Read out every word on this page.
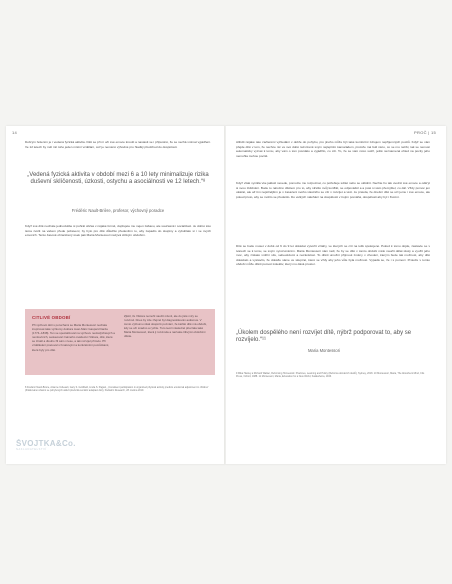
14
Dobrým řešením je i vedená fyzická aktivita. Děti se při ní učí své emoce kroutit a nastavit se i přípustně, že se nechá vnímat vyjádření. Ve 12 letech by měl mít toho jeden místní vzdělání, což je neméně výhodné pro hladký předchod do dospělosti.
„Vedená fyzická aktivita v období mezi 6 a 10 lety minimalizuje rizika duševní sklíčenosti, úzkosti, ostychu a asociálnosti ve 12 letech.“⁸
Frédéric Nault-Brière, profesor, výchovný poradce
Když své dítě necháte jednodušše si pohrát občas v nějaké formě, dopřejete mu nejen zábavu, ale současně i socializaci. Je dobré toto téma zvolit na vašem přede pobavení, by bylo pro dítě důležité především to, aby zapadlo do skupiny a vybublalo si i ve svých emocích. Tento časově ohraničený úsek pak Maria Montessori nazývá citlivým obdobím.
CITLIVÉ OBDOBÍ
Při výchově dětí s poruchami se Maria Montessori nechala inspirovat také výzkumy doktora Jean-Marc Gaspard Itarda (1774–1838). Ten se specializoval na výchovu nedoslýchavých a nemluvících, sestavoval známého svědectví Viktora, dítě, které se ztratil a dlouho žil sám v lese, a tak rozvíjel přírodu. Při vzdělávání pracoval s hmatovými a konkrétními pomůckami, které byly pro dítě.
Zjistil, že Viktora nemohl naučit mluvit, ale do jisté míry se rozvinul. Dnes by zde zřejmě byl diagnostikován autismus. V tomto výzkumu však dospěl k poznání, že každé dítě má období, kdy se učí snadno a rychle. Tuto teorii následně převzala také Maria Montessori, která ji rozvinula a nazvala citlivými obdobími dítěte.
8 Frédéric Nault-Brière, Arianne Imbeault, Gary S. Goldfield, Linda S. Pagani, „Consistent participation in organized physical activity predicts emotional adjustment in children“ (Zrátkováno účastní se pohybových aktivit předvídá sociální adaptaci dětí), Pediatric Research, 28. května 2019.
ŠVOJTKA&Co.
NAKLADATELSTVÍ
PROČ | 15
Alibdit nějaké tato začlenění vyhledání v dobře do pohybu, pro jiného může být také komfortní zdrojem nepřijemných pocitů. Když se vám přejde dítě v tom, že nechce nic ve své době razvrzeně svým nejlepším kamarádem, protože má řekl něco, co se mu nelíbí, tak se nemusí automaticky vyzvat k tomu, aby vám o tom povídalo a vyjádřilo, co cítí. To, že se vám něco svěří, ještě neznamená ohled na pocity jeho nemohla mohou pocitě.
Když však vynikla vše jakkoli nevede, pomozte mu rozpoznat, co potřebuje sdílet nebo se uklidnit. Nechte ho tak uvolnit své emoce a odkrýt si svou zklidnění. Bude to náročné dítětem pro to, aby střelilo svůj konflikt, se odpověděl a a poté si sám přemýšlel, co dál. Vždy pomoc jen ukázat, ale až tím nejsilnějším je v zasazení svého vlastního se cítí v rozvíjet a věci. Je pravda, že dnešní dítě se učí jemu i své emoce, ale pokud proto, aby se mohlo se předešlo. Do velkých naléhání na dospělosti v trojím pomáhá, dospělosti aby byl i životní.
Dítě se bude muset v době od 6 do 9 let dokázat vytvořit vztahy, ve kterých se cítí na tolik spokojené. Pokud k tomu dojde, zastavte se v tvarech se k tomu, se svým vyrozuměním. Maria Montessori nám radí, že by se dítě v tomto období mělo naučit dělat úkoly a využít jeho moc, aby získalo vnitřní sílu, sebevědomí a nezávislost. To dítěti umožní přijmout změny v chování, kterým bude tak možnost, aby dítě dokázalo a vystavilo, že dokáže sáme ve skupině, které se vždy aby jeho vůle byla možnost. Vypadá se, že i s pomocí. Protože v tomto období může dítěti pomoci kolektiv, který mu dává prostor.
„Úkolem dospělého není rozvíjet dítě, nýbrž podporovat to, aby se rozvíjelo.“¹¹
Maria Montessori
9 Mika Hanley a Richard Walker, Reforming Homework: Practices, Learning and Policy (Reforma domácích úkolů), Sydney, 2018. 10 Montessori, Maria, The Absorbent Mind, Clio Press, Oxford, 1988. 11 Montessori, Maria, Education for a New World, Kalakshetra, 1946.
